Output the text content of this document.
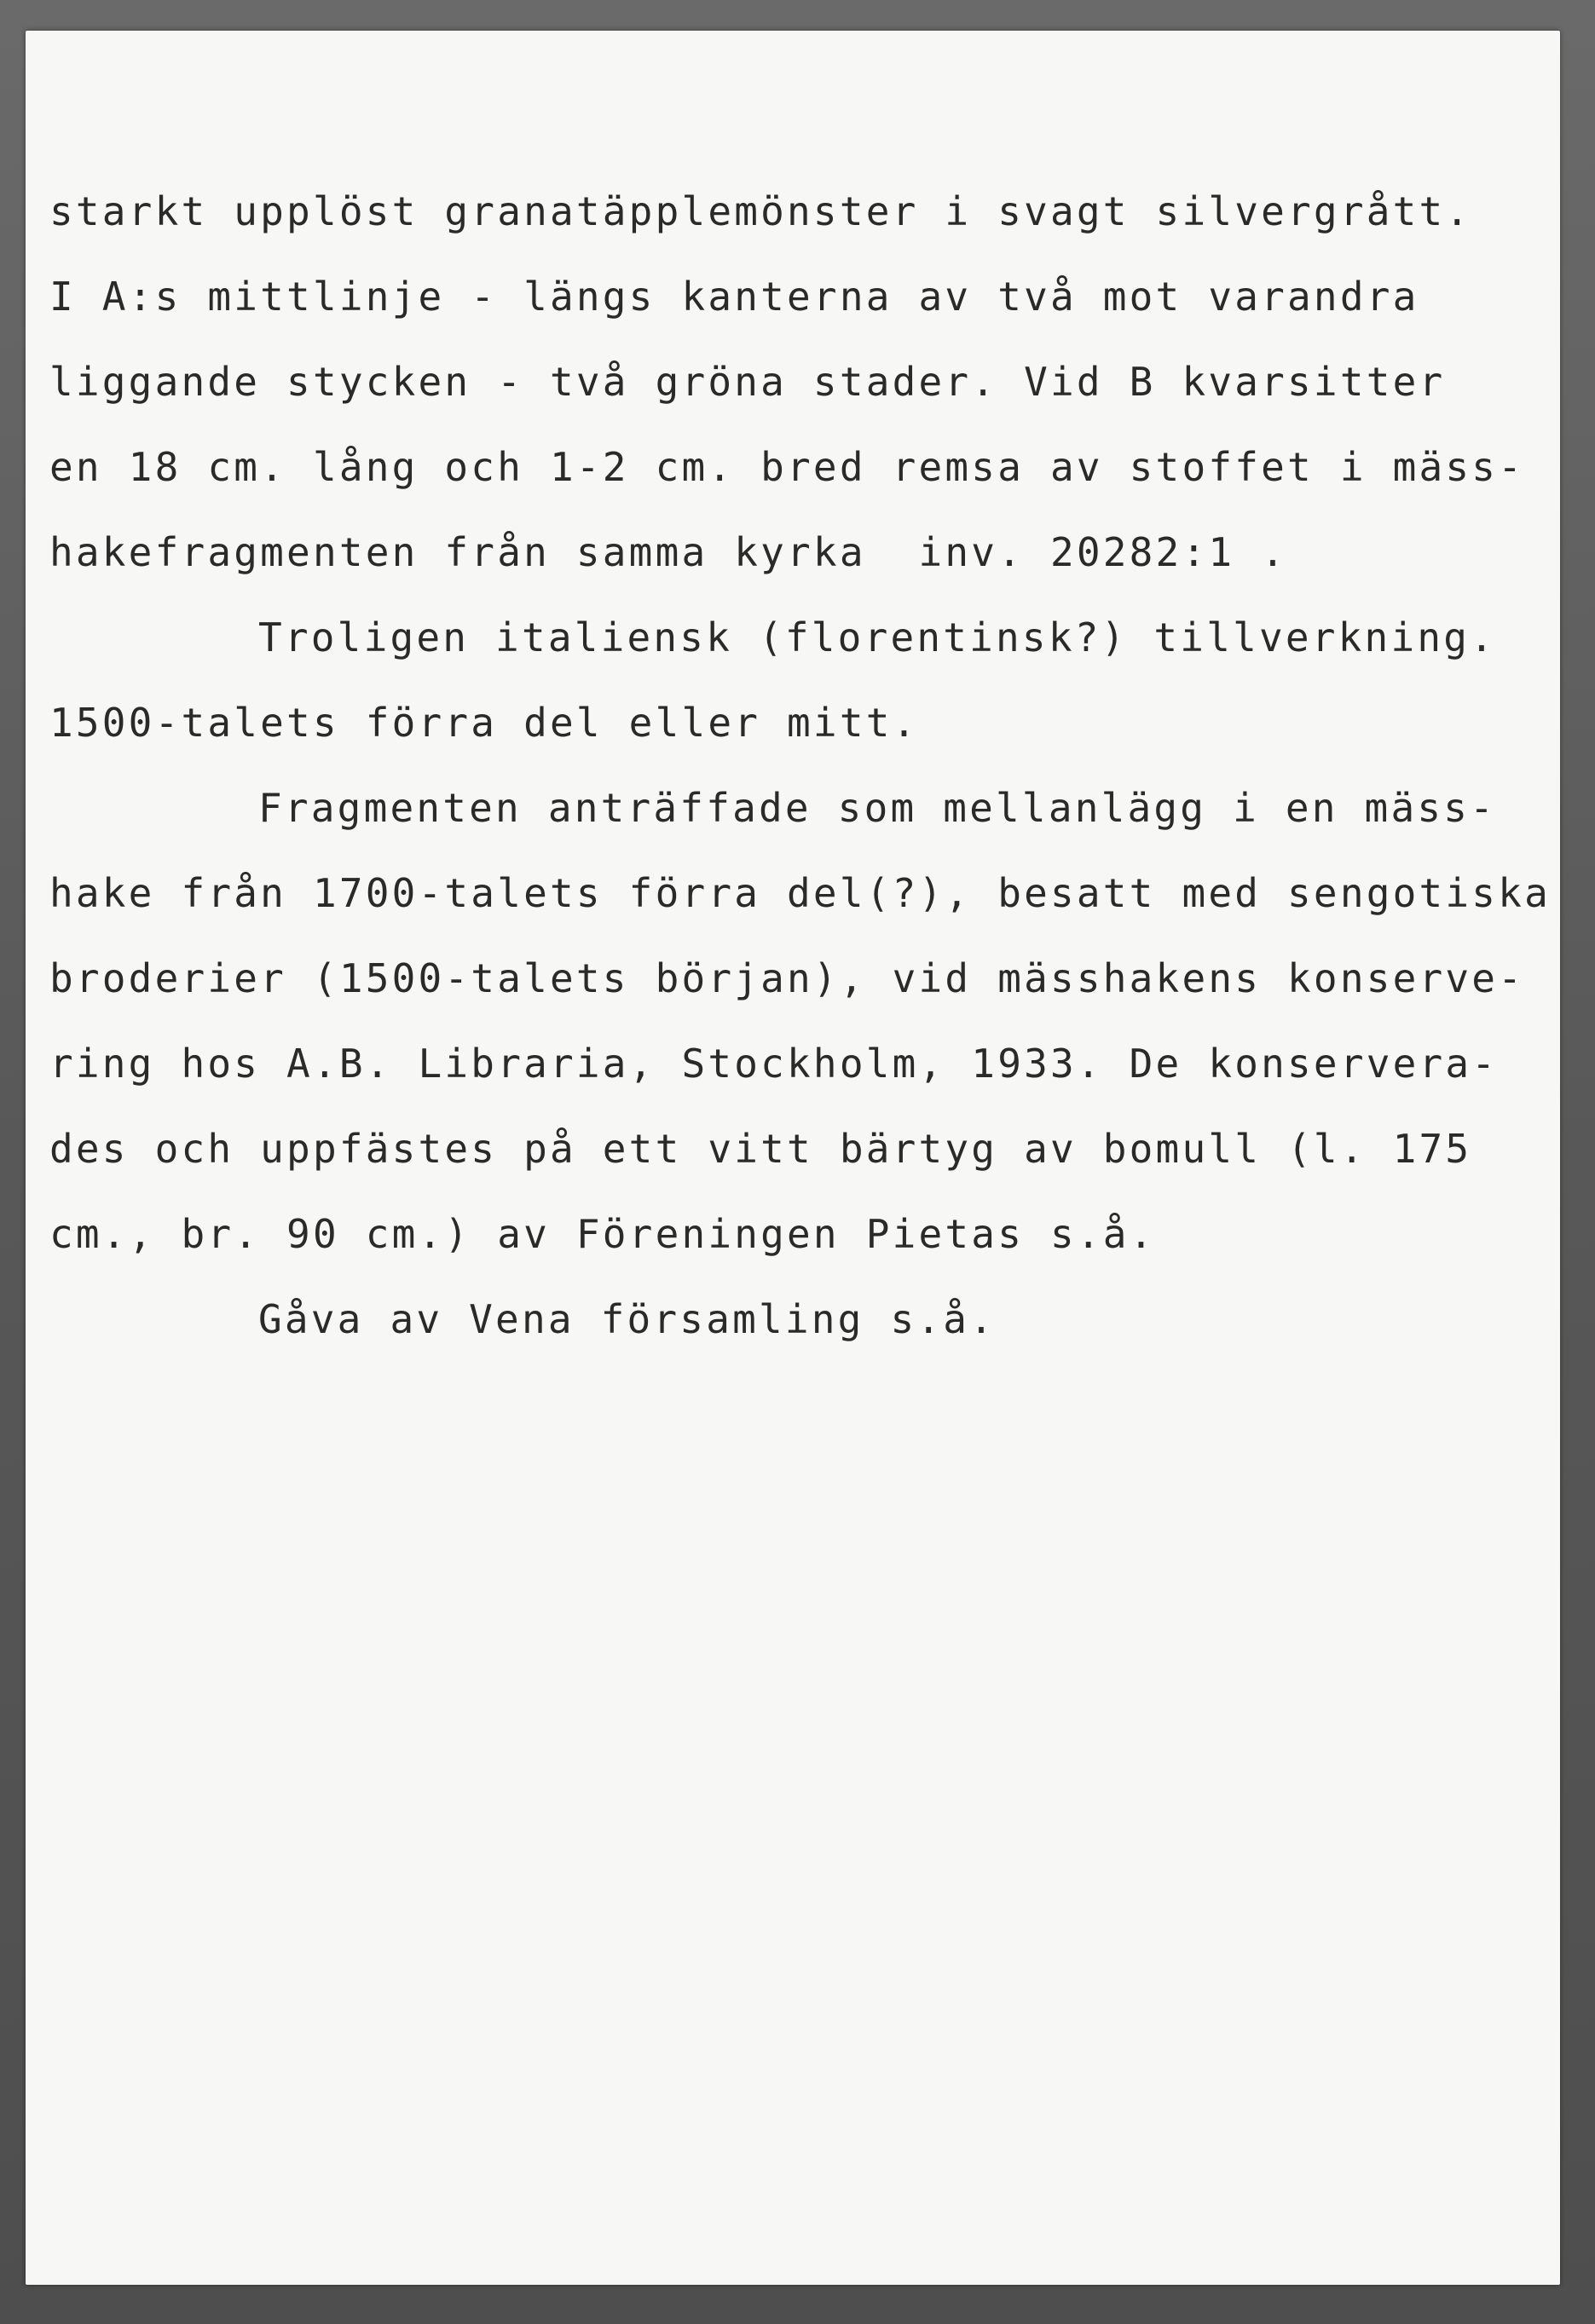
starkt upplöst granatäpplemönster i svagt silvergrått.
I A:s mittlinje - längs kanterna av två mot varandra
liggande stycken - två gröna stader. Vid B kvarsitter
en 18 cm. lång och 1-2 cm. bred remsa av stoffet i mäss-
hakefragmenten från samma kyrka  inv. 20282:1 .
Troligen italiensk (florentinsk?) tillverkning.
1500-talets förra del eller mitt.
Fragmenten anträffade som mellanlägg i en mäss-
hake från 1700-talets förra del(?), besatt med sengotiska
broderier (1500-talets början), vid mässhakens konserve-
ring hos A.B. Libraria, Stockholm, 1933. De konservera-
des och uppfästes på ett vitt bärtyg av bomull (l. 175
cm., br. 90 cm.) av Föreningen Pietas s.å.
Gåva av Vena församling s.å.
